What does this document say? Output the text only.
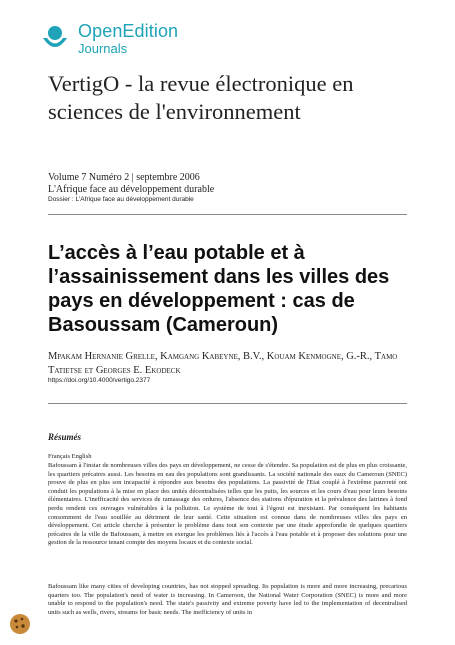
OpenEdition
Journals
VertigO - la revue électronique en sciences de l'environnement
Volume 7 Numéro 2 | septembre 2006
L'Afrique face au développement durable
Dossier : L'Afrique face au développement durable
L’accès à l’eau potable et à l’assainissement dans les villes des pays en développement : cas de Basoussam (Cameroun)
Mpakam Hernanie Grelle, Kamgang Kabeyne, B.V., Kouam Kenmogne, G.-R., Tamo Tatietse et Georges E. Ekodeck
https://doi.org/10.4000/vertigo.2377
Résumés
Français English
Bafoussam à l'instar de nombreuses villes des pays en développement, ne cesse de s'étendre. Sa population est de plus en plus croissante, les quartiers précaires aussi. Les besoins en eau des populations sont grandissants. La société nationale des eaux du Cameroun (SNEC) prouve de plus en plus son incapacité à répondre aux besoins des populations. La passivité de l'Etat couplé à l'extrême pauvreté ont conduit les populations à la mise en place des unités décentralisées telles que les puits, les sources et les cours d'eau pour leurs besoins élémentaires. L'inefficacité des services de ramassage des ordures, l'absence des stations d'épuration et la prévalence des latrines à fond perdu rendent ces ouvrages vulnérables à la pollution. Le système de tout à l'égout est inexistant. Par conséquent les habitants consomment de l'eau souillée au détriment de leur santé. Cette situation est connue dans de nombreuses villes des pays en développement. Cet article cherche à présenter le problème dans tout son contexte par une étude approfondie de quelques quartiers précaires de la ville de Bafoussam, à mettre en exergue les problèmes liés à l'accès à l'eau potable et à proposer des solutions pour une gestion de la ressource tenant compte des moyens locaux et du contexte social.
Bafoussam like many cities of developing countries, has not stopped spreading. Its population is more and more increasing, precarious quarters too. The population's need of water is increasing. In Cameroon, the National Water Corporation (SNEC) is more and more unable to respond to the population's need. The state's passivity and extreme poverty have led to the implementation of decentralised units such as wells, rivers, streams for basic needs. The inefficiency of units in
